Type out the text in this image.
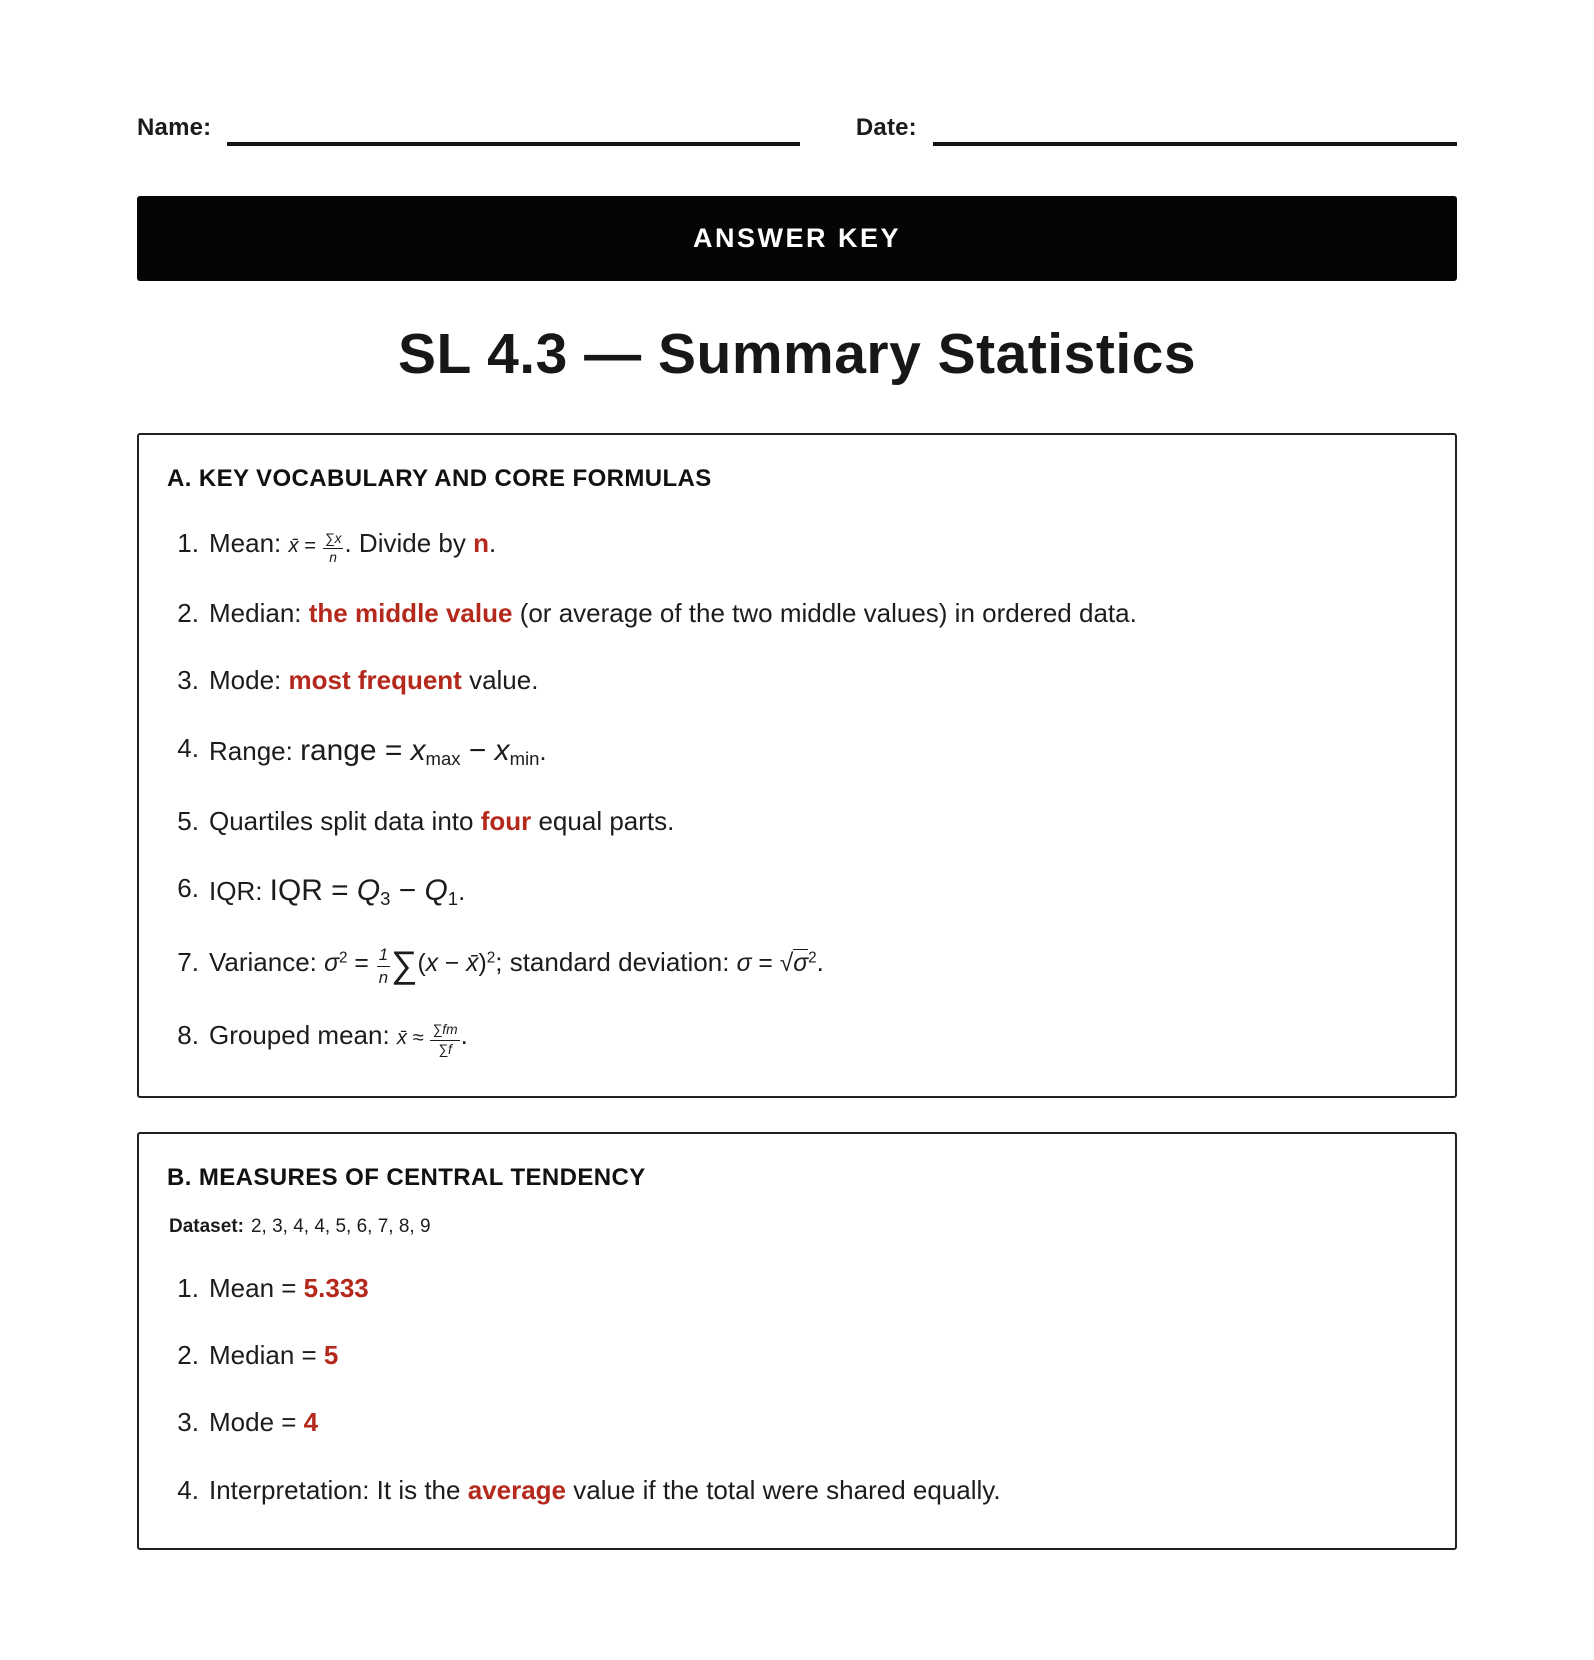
Name:	Date:
ANSWER KEY
SL 4.3 — Summary Statistics
A. KEY VOCABULARY AND CORE FORMULAS
Mean: x̄ = $\frac{\sum x}{n}$ . Divide by n.
Median: the middle value (or average of the two middle values) in ordered data.
Mode: most frequent value.
Range: range = $x_{max} - x_{min}$.
Quartiles split data into four equal parts.
IQR: IQR = $Q_3 - Q_1$.
Variance: $\sigma^2 = \frac{1}{n} \sum(x$ − x̄)$^2$; standard deviation: $\sigma = √\sigma^2$.
Grouped mean: x̄ ≈ $\frac{\sum fm}{\sum f}$ .
B. MEASURES OF CENTRAL TENDENCY
Dataset: 2, 3, 4, 4, 5, 6, 7, 8, 9
Mean = 5.333
Median = 5
Mode = 4
Interpretation: It is the average value if the total were shared equally.
